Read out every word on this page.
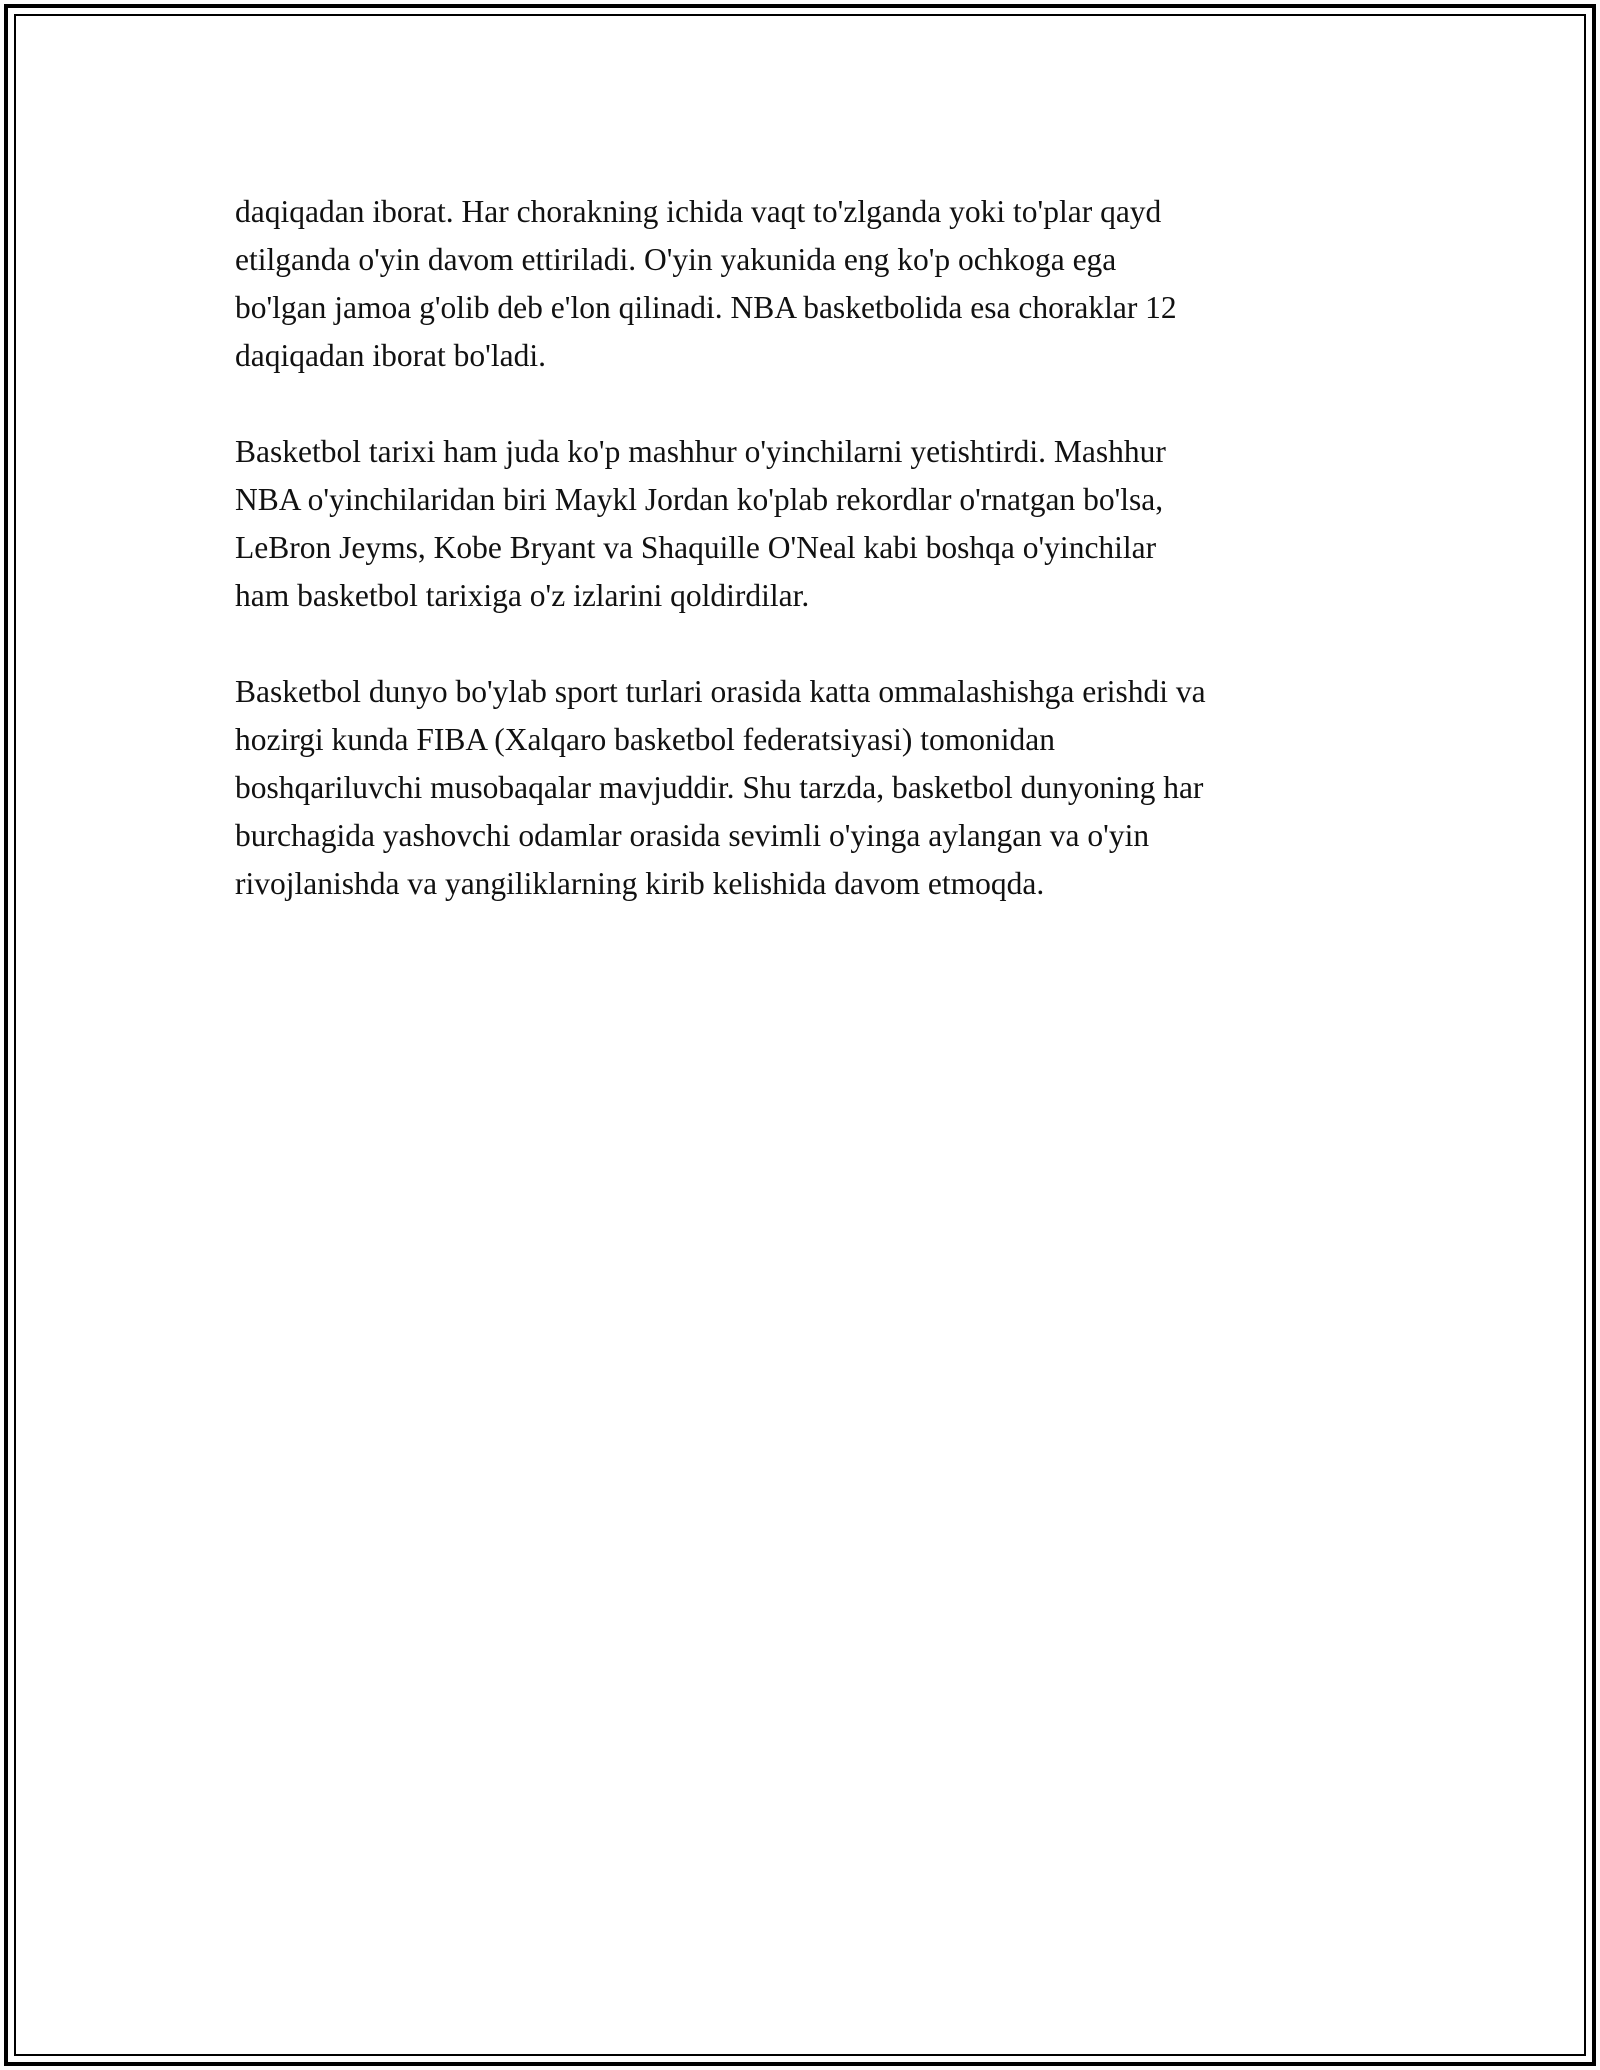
daqiqadan iborat. Har chorakning ichida vaqt to'zlganda yoki to'plar qayd
etilganda o'yin davom ettiriladi. O'yin yakunida eng ko'p ochkoga ega
bo'lgan jamoa g'olib deb e'lon qilinadi. NBA basketbolida esa choraklar 12
daqiqadan iborat bo'ladi.

Basketbol tarixi ham juda ko'p mashhur o'yinchilarni yetishtirdi. Mashhur
NBA o'yinchilaridan biri Maykl Jordan ko'plab rekordlar o'rnatgan bo'lsa,
LeBron Jeyms, Kobe Bryant va Shaquille O'Neal kabi boshqa o'yinchilar
ham basketbol tarixiga o'z izlarini qoldirdilar.

Basketbol dunyo bo'ylab sport turlari orasida katta ommalashishga erishdi va
hozirgi kunda FIBA (Xalqaro basketbol federatsiyasi) tomonidan
boshqariluvchi musobaqalar mavjuddir. Shu tarzda, basketbol dunyoning har
burchagida yashovchi odamlar orasida sevimli o'yinga aylangan va o'yin
rivojlanishda va yangiliklarning kirib kelishida davom etmoqda.
